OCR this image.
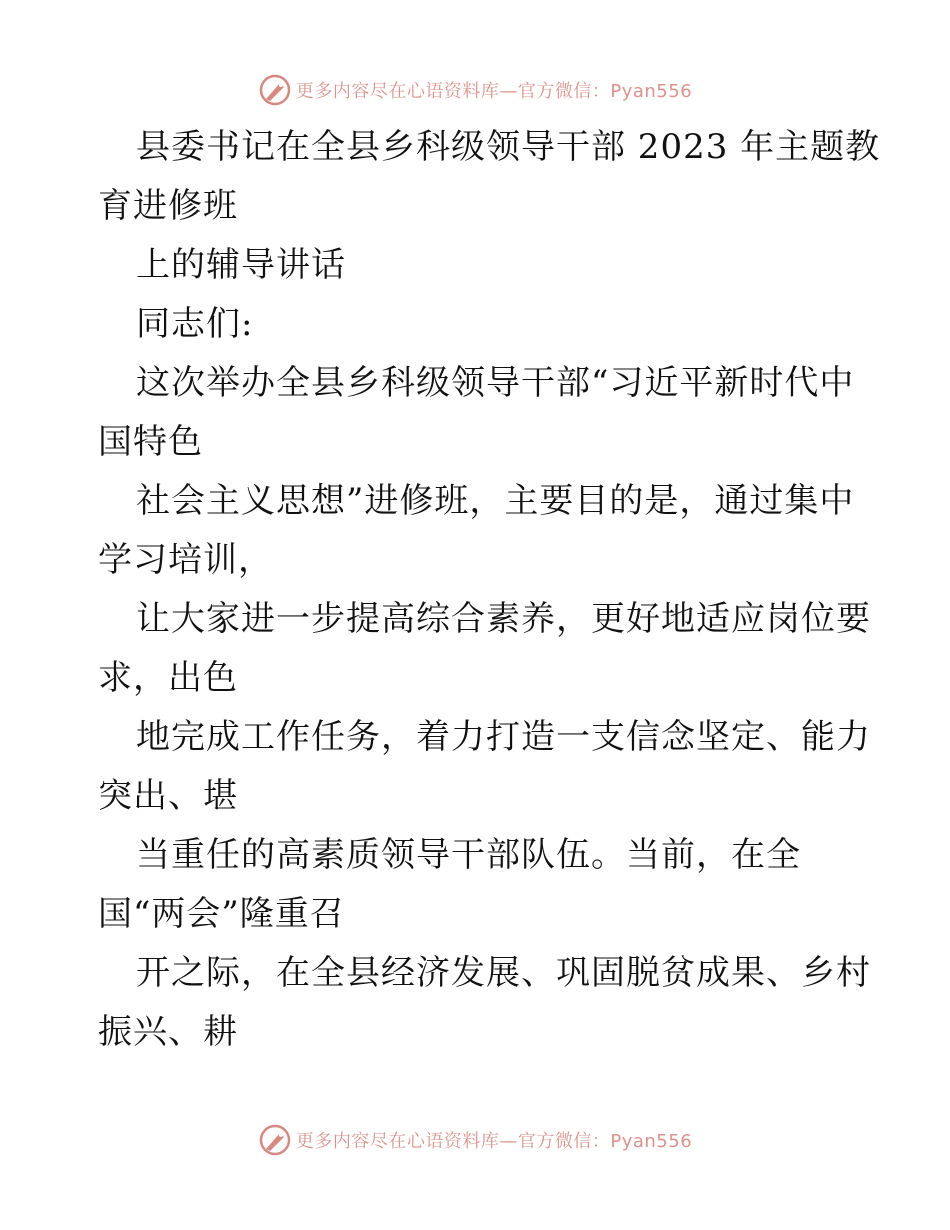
更多内容尽在心语资料库—官方微信：Pyan556
县委书记在全县乡科级领导干部 2023 年主题教
育进修班
上的辅导讲话
同志们:
这次举办全县乡科级领导干部“习近平新时代中
国特色
社会主义思想”进修班，主要目的是，通过集中
学习培训，
让大家进一步提高综合素养，更好地适应岗位要
求，出色
地完成工作任务，着力打造一支信念坚定、能力
突出、堪
当重任的高素质领导干部队伍。当前，在全
国“两会”隆重召
开之际，在全县经济发展、巩固脱贫成果、乡村
振兴、耕
更多内容尽在心语资料库—官方微信：Pyan556
